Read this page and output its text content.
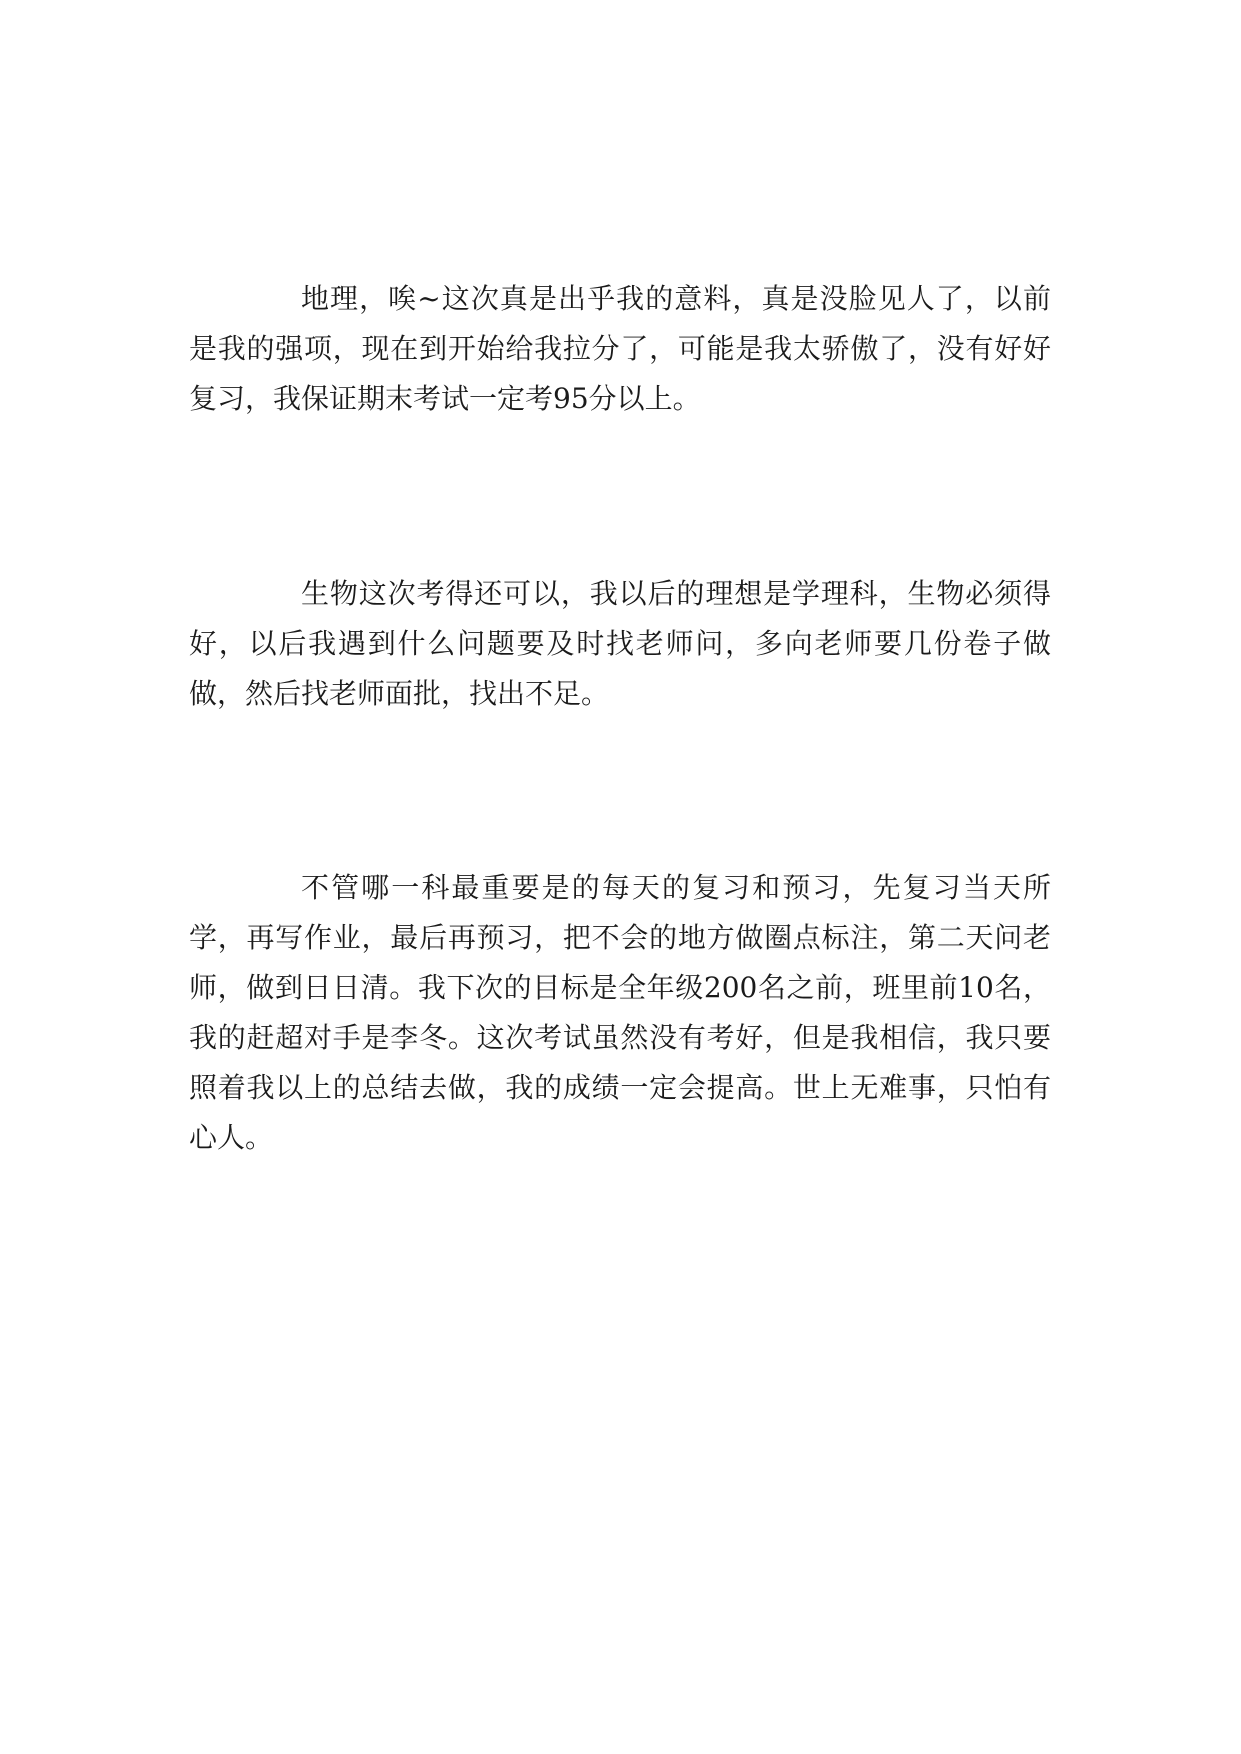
地理，唉~这次真是出乎我的意料，真是没脸见人了，以前是我的强项，现在到开始给我拉分了，可能是我太骄傲了，没有好好复习，我保证期末考试一定考95分以上。

生物这次考得还可以，我以后的理想是学理科，生物必须得好，以后我遇到什么问题要及时找老师问，多向老师要几份卷子做做，然后找老师面批，找出不足。

不管哪一科最重要是的每天的复习和预习，先复习当天所学，再写作业，最后再预习，把不会的地方做圈点标注，第二天问老师，做到日日清。我下次的目标是全年级200名之前，班里前10名，我的赶超对手是李冬。这次考试虽然没有考好，但是我相信，我只要照着我以上的总结去做，我的成绩一定会提高。世上无难事，只怕有心人。
